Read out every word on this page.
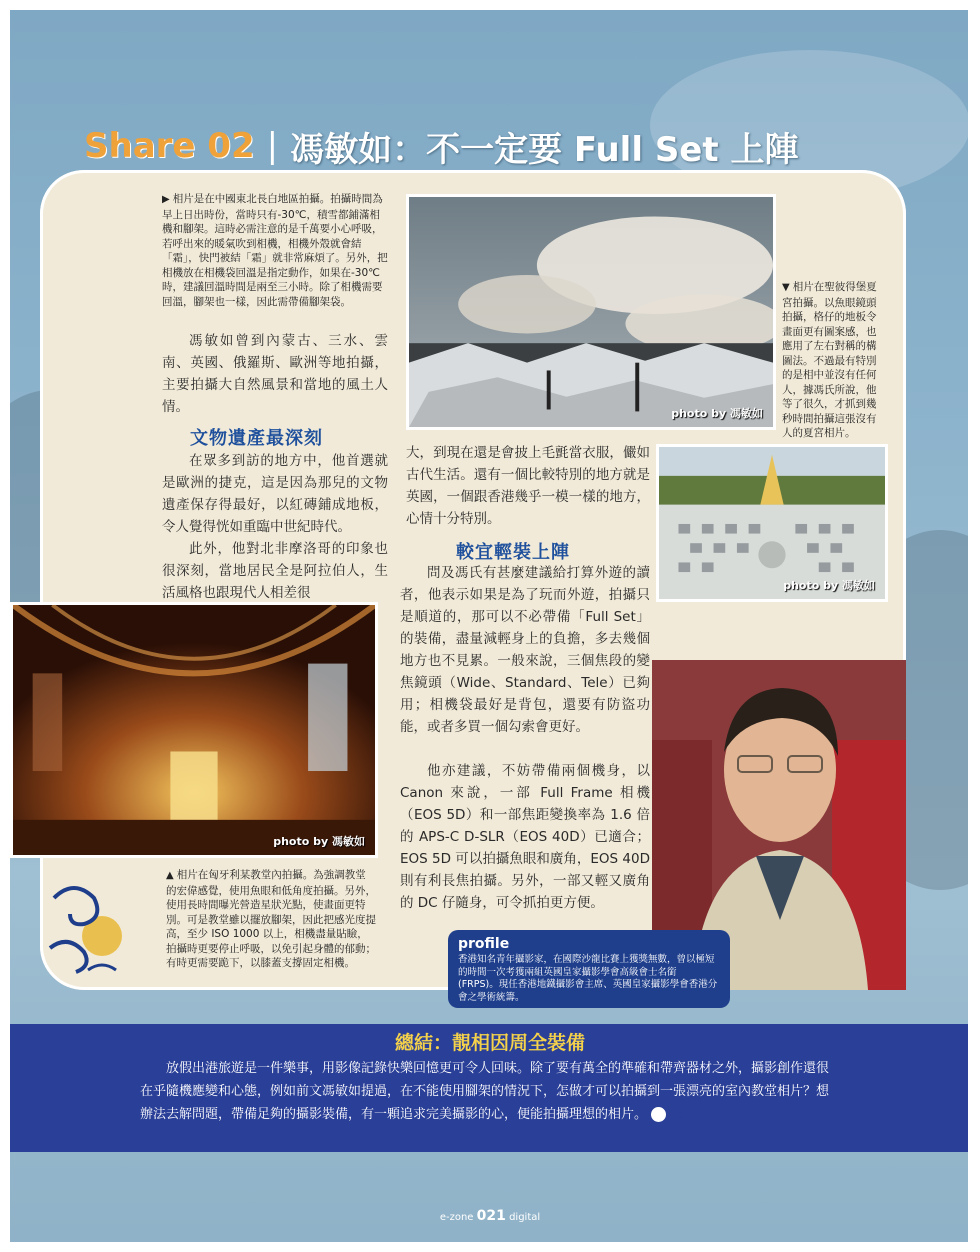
Share 02 | 馮敏如：不一定要 Full Set 上陣
▶ 相片是在中國東北長白地區拍攝。拍攝時間為早上日出時份，當時只有-30℃，積雪都鋪滿相機和腳架。這時必需注意的是千萬要小心呼吸，若呼出來的暖氣吹到相機，相機外殼就會結「霜」，快門被結「霜」就非常麻煩了。另外，把相機放在相機袋回溫是指定動作，如果在-30℃時，建議回溫時間是兩至三小時。除了相機需要回溫，腳架也一樣，因此需帶備腳架袋。
馮敏如曾到內蒙古、三水、雲南、英國、俄羅斯、歐洲等地拍攝，主要拍攝大自然風景和當地的風土人情。
文物遺產最深刻
在眾多到訪的地方中，他首選就是歐洲的捷克，這是因為那兒的文物遺產保存得最好，以紅磚鋪成地板，令人覺得恍如重臨中世紀時代。
此外，他對北非摩洛哥的印象也很深刻，當地居民全是阿拉伯人，生活風格也跟現代人相差很
photo by 馮敏如
▼ 相片在聖彼得堡夏宮拍攝。以魚眼鏡頭拍攝，格仔的地板令畫面更有圖案感，也應用了左右對稱的構圖法。不過最有特別的是相中並沒有任何人，據馮氏所說，他等了很久，才抓到幾秒時間拍攝這張沒有人的夏宮相片。
大，到現在還是會披上毛氈當衣服，儼如古代生活。還有一個比較特別的地方就是英國，一個跟香港幾乎一模一樣的地方，心情十分特別。
較宜輕裝上陣
問及馮氏有甚麼建議給打算外遊的讀者，他表示如果是為了玩而外遊，拍攝只是順道的，那可以不必帶備「Full Set」的裝備，盡量減輕身上的負擔，多去幾個地方也不見累。一般來說，三個焦段的變焦鏡頭（Wide、Standard、Tele）已夠用；相機袋最好是背包，還要有防盜功能，或者多買一個勾索會更好。
他亦建議，不妨帶備兩個機身，以 Canon 來說，一部 Full Frame 相機（EOS 5D）和一部焦距變換率為 1.6 倍的 APS-C D-SLR（EOS 40D）已適合；EOS 5D 可以拍攝魚眼和廣角，EOS 40D 則有利長焦拍攝。另外，一部又輕又廣角的 DC 仔隨身，可令抓拍更方便。
photo by 馮敏如
photo by 馮敏如
▲ 相片在匈牙利某教堂內拍攝。為強調教堂的宏偉感覺，使用魚眼和低角度拍攝。另外，使用長時間曝光營造星狀光點，使畫面更特別。可是教堂雖以擺放腳架，因此把感光度提高，至少 ISO 1000 以上，相機盡量貼瞼，拍攝時更要停止呼吸，以免引起身體的郁動；有時更需要跪下，以膝蓋支撐固定相機。
profile
香港知名青年攝影家，在國際沙龍比賽上獲獎無數，曾以極短的時間一次考獲兩組英國皇家攝影學會高級會士名銜 (FRPS)。現任香港地鐵攝影會主席、英國皇家攝影學會香港分會之學術統籌。
總結：靚相因周全裝備
放假出港旅遊是一件樂事，用影像記錄快樂回憶更可令人回味。除了要有萬全的準確和帶齊器材之外，攝影創作還很在乎隨機應變和心態，例如前文馮敏如提過，在不能使用腳架的情況下，怎做才可以拍攝到一張漂亮的室內教堂相片？想辦法去解問題，帶備足夠的攝影裝備，有一顆追求完美攝影的心，便能拍攝理想的相片。	e
e-zone 021 digital
